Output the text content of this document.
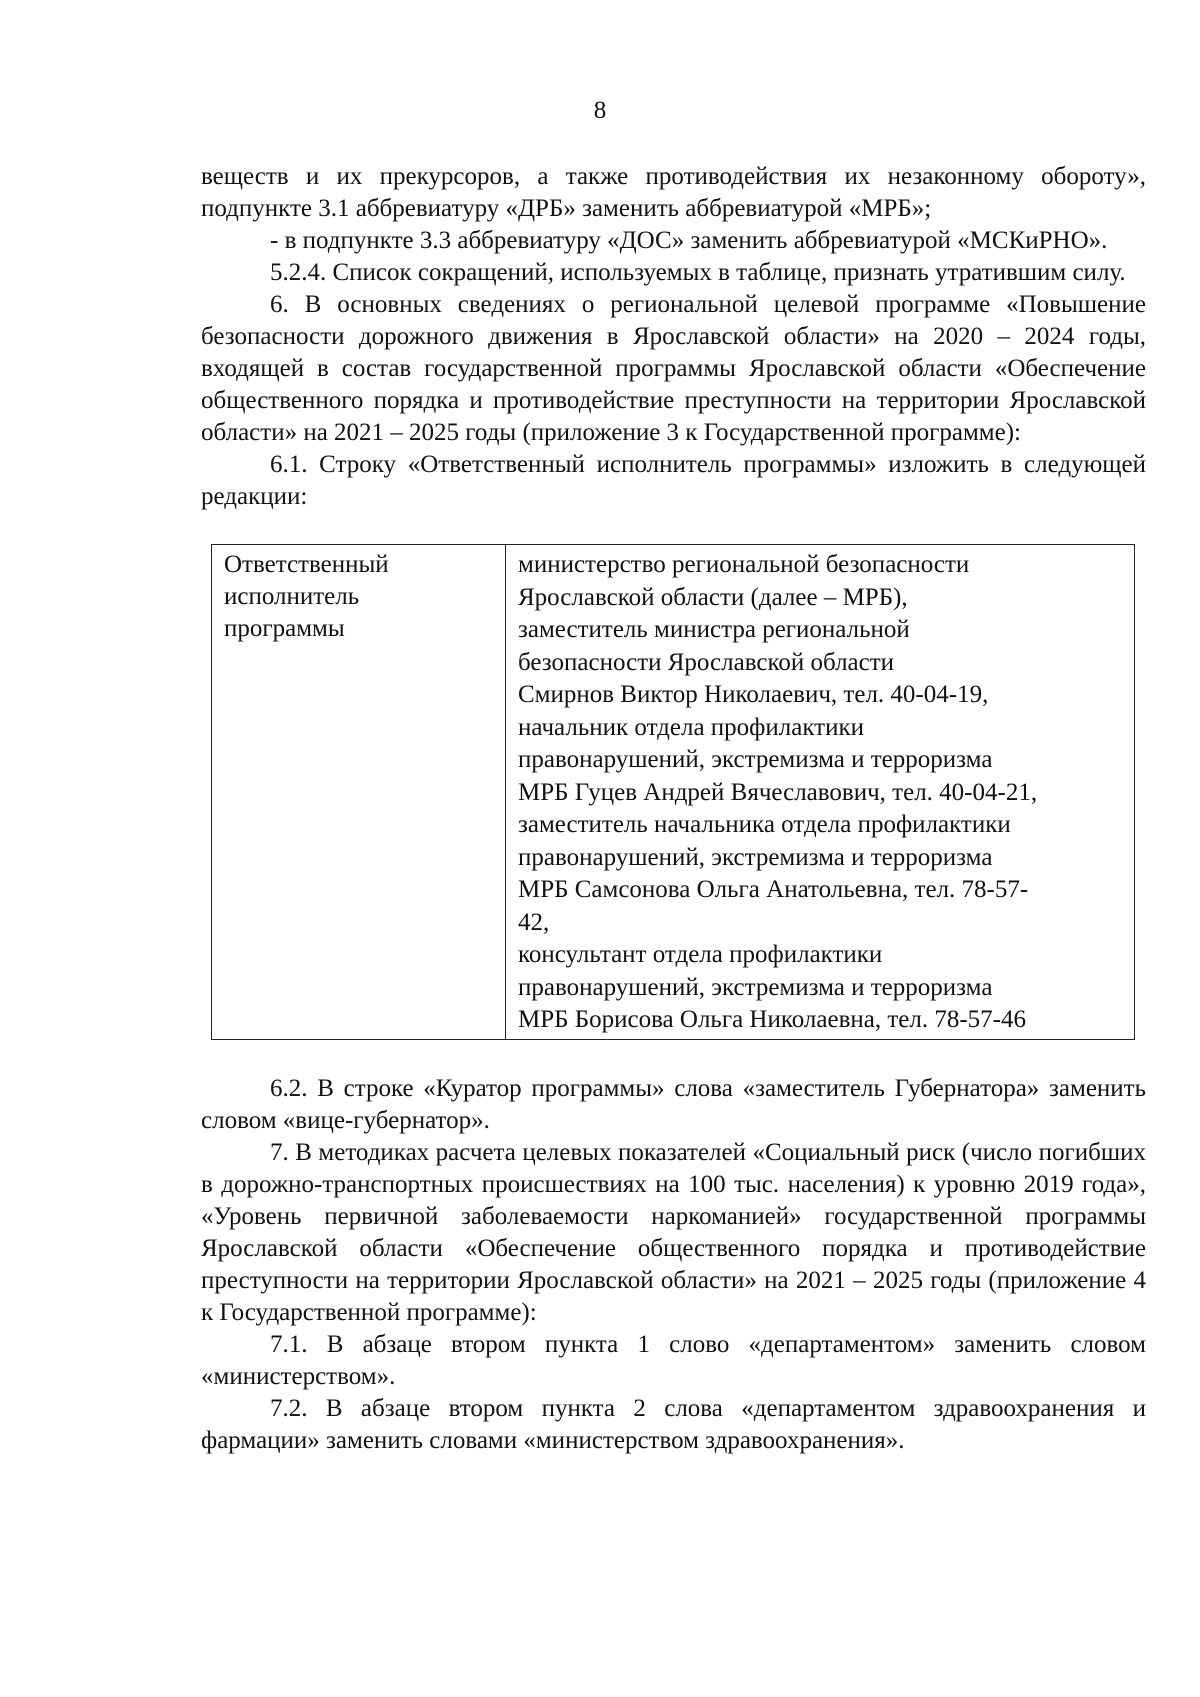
8

веществ и их прекурсоров, а также противодействия их незаконному обороту», подпункте 3.1 аббревиатуру «ДРБ» заменить аббревиатурой «МРБ»;

- в подпункте 3.3 аббревиатуру «ДОС» заменить аббревиатурой «МСКиРНО».

5.2.4. Список сокращений, используемых в таблице, признать утратившим силу.

6. В основных сведениях о региональной целевой программе «Повышение безопасности дорожного движения в Ярославской области» на 2020 – 2024 годы, входящей в состав государственной программы Ярославской области «Обеспечение общественного порядка и противодействие преступности на территории Ярославской области» на 2021 – 2025 годы (приложение 3 к Государственной программе):

6.1. Строку «Ответственный исполнитель программы» изложить в следующей редакции:

Ответственный
исполнитель
программы

министерство региональной безопасности
Ярославской области (далее – МРБ),
заместитель министра региональной
безопасности Ярославской области
Смирнов Виктор Николаевич, тел. 40-04-19,
начальник отдела профилактики
правонарушений, экстремизма и терроризма
МРБ Гуцев Андрей Вячеславович, тел. 40-04-21,
заместитель начальника отдела профилактики
правонарушений, экстремизма и терроризма
МРБ Самсонова Ольга Анатольевна, тел. 78-57-
42,
консультант отдела профилактики
правонарушений, экстремизма и терроризма
МРБ Борисова Ольга Николаевна, тел. 78-57-46

6.2. В строке «Куратор программы» слова «заместитель Губернатора» заменить словом «вице-губернатор».

7. В методиках расчета целевых показателей «Социальный риск (число погибших в дорожно-транспортных происшествиях на 100 тыс. населения) к уровню 2019 года», «Уровень первичной заболеваемости наркоманией» государственной программы Ярославской области «Обеспечение общественного порядка и противодействие преступности на территории Ярославской области» на 2021 – 2025 годы (приложение 4 к Государственной программе):

7.1. В абзаце втором пункта 1 слово «департаментом» заменить словом «министерством».

7.2. В абзаце втором пункта 2 слова «департаментом здравоохранения и фармации» заменить словами «министерством здравоохранения».
